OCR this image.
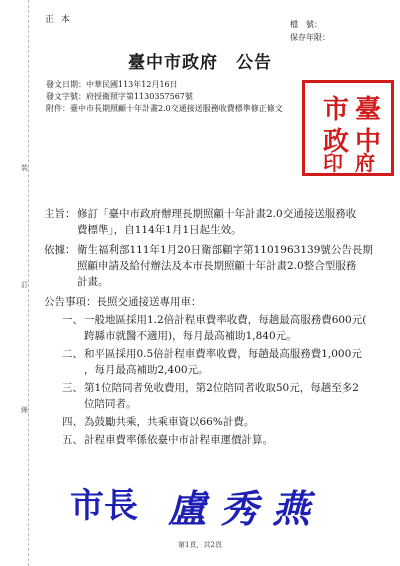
裝
訂
線
正 本	檔　號：
保存年限：
臺中市政府　公告
發文日期：中華民國113年12月16日
發文字號：府授衛照字第1130357567號
附件：臺中市長期照顧十年計畫2.0交通接送服務收費標準修正條文	臺
中
市
政
府
印
主旨： 修訂「臺中市政府辦理長期照顧十年計畫2.0交通接送服務收
費標準」，自114年1月1日起生效。
依據： 衛生福利部111年1月20日衛部顧字第1101963139號公告長期
照顧申請及給付辦法及本市長期照顧十年計畫2.0整合型服務
計畫。
公告事項：長照交通接送專用車：
一、 一般地區採用1.2倍計程車費率收費，每趟最高服務費600元(
跨縣市就醫不適用)，每月最高補助1,840元。
二、 和平區採用0.5倍計程車費率收費，每趟最高服務費1,000元
，每月最高補助2,400元。
三、 第1位陪同者免收費用，第2位陪同者收取50元，每趟至多2
位陪同者。
四、 為鼓勵共乘，共乘車資以66%計費。
五、 計程車費率係依臺中市計程車運價計算。
市長 盧秀燕
第1頁，共2頁
